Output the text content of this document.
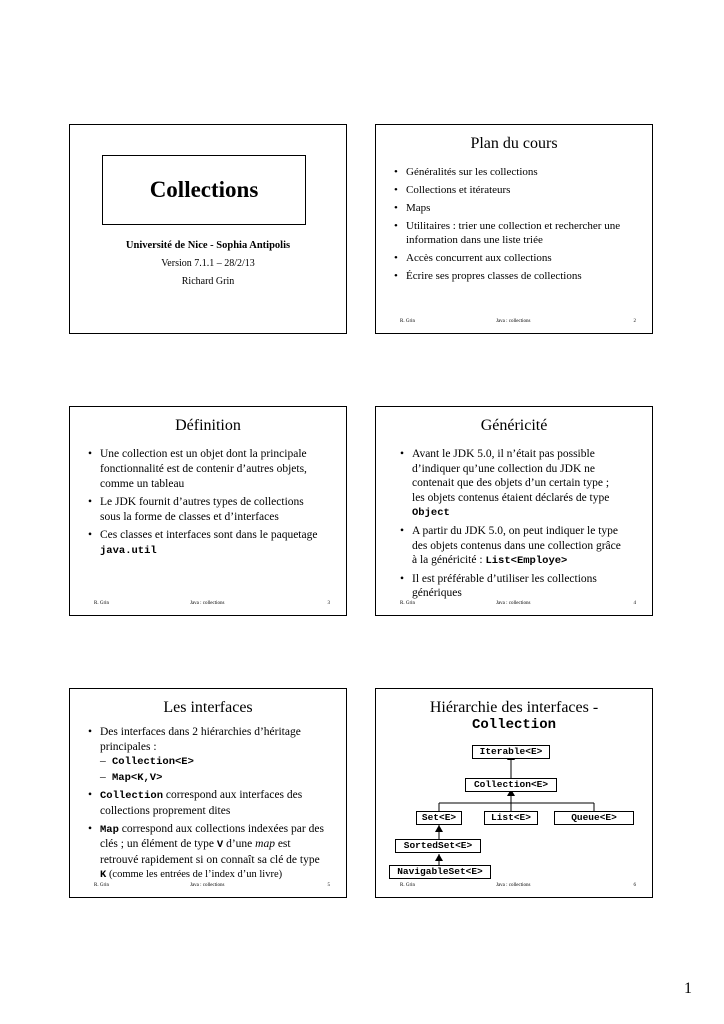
Collections
Université de Nice - Sophia Antipolis
Version 7.1.1 – 28/2/13
Richard Grin
Plan du cours
• Généralités sur les collections
• Collections et itérateurs
• Maps
• Utilitaires : trier une collection et rechercher une information dans une liste triée
• Accès concurrent aux collections
• Écrire ses propres classes de collections
R. Grin	Java : collections	2
Définition
• Une collection est un objet dont la principale fonctionnalité est de contenir d’autres objets, comme un tableau
• Le JDK fournit d’autres types de collections sous la forme de classes et d’interfaces
• Ces classes et interfaces sont dans le paquetage java.util
R. Grin	Java : collections	3
Généricité
• Avant le JDK 5.0, il n’était pas possible d’indiquer qu’une collection du JDK ne contenait que des objets d’un certain type ; les objets contenus étaient déclarés de type Object
• A partir du JDK 5.0, on peut indiquer le type des objets contenus dans une collection grâce à la généricité : List<Employe>
• Il est préférable d’utiliser les collections génériques
R. Grin	Java : collections	4
Les interfaces
• Des interfaces dans 2 hiérarchies d’héritage principales :
– Collection<E>
– Map<K,V>
• Collection correspond aux interfaces des collections proprement dites
• Map correspond aux collections indexées par des clés ; un élément de type V d’une map est retrouvé rapidement si on connaît sa clé de type K (comme les entrées de l’index d’un livre)
R. Grin	Java : collections	5
Hiérarchie des interfaces -
Collection
Iterable<E>
Collection<E>
Set<E>	List<E>	Queue<E>
SortedSet<E>
NavigableSet<E>
R. Grin	Java : collections	6
1
